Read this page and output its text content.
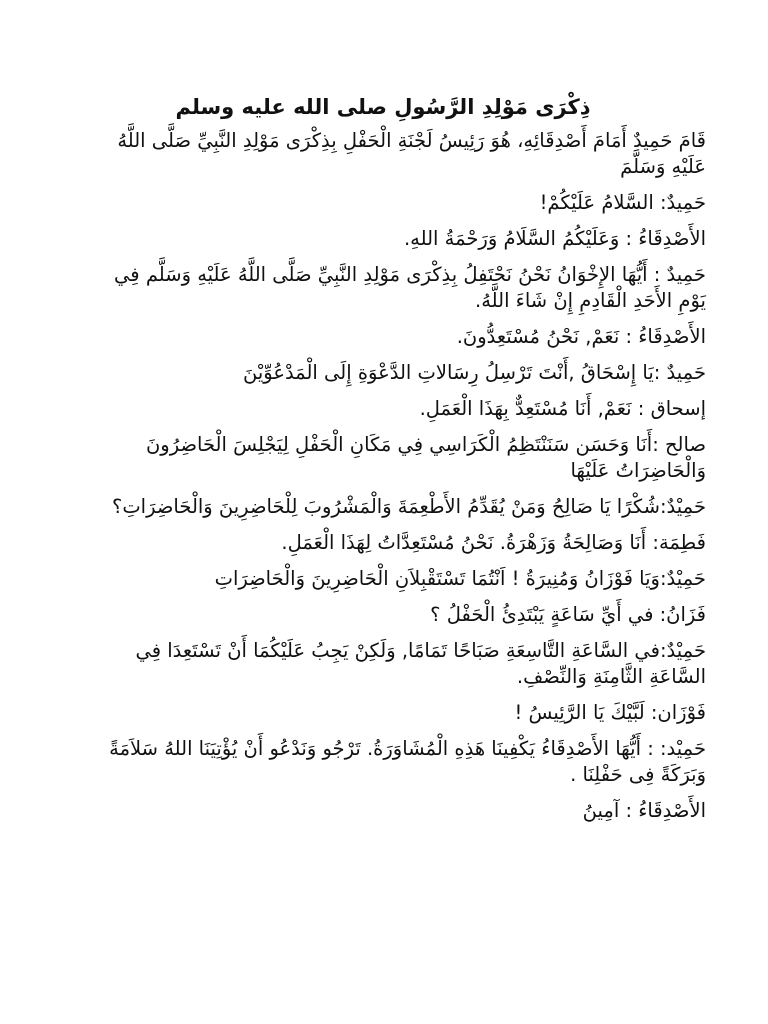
ذِكْرَى مَوْلِدِ الرَّسُولِ صلى الله عليه وسلم

قَامَ حَمِيدٌ أَمَامَ أَصْدِقَائِهِ، هُوَ رَئِيسُ لَجْنَةِ الْحَفْلِ بِذِكْرَى مَوْلِدِ النَّبِيِّ صَلَّى اللَّهُ عَلَيْهِ وَسَلَّمَ

حَمِيدٌ: السَّلامُ عَلَيْكُمْ!

الأَصْدِقَاءُ : وَعَلَيْكُمُ السَّلَامُ وَرَحْمَةُ اللهِ.

حَمِيدٌ : أَيُّهَا الإِخْوَانُ نَحْنُ نَحْتَفِلُ بِذِكْرَى مَوْلِدِ النَّبِيِّ صَلَّى اللَّهُ عَلَيْهِ وَسَلَّم فِي يَوْمِ الأَحَدِ الْقَادِمِ إِنْ شَاءَ اللَّهُ.

الأَصْدِقَاءُ : نَعَمْ, نَحْنُ مُسْتَعِدُّونَ.

حَمِيدٌ :يَا إِسْحَاقُ ,أَنْتَ تَرْسِلُ رِسَالاتِ الدَّعْوَةِ إِلَى الْمَدْعُوِّيْنَ

إسحاق : نَعَمْ, أَنَا مُسْتَعِدٌّ بِهَذَا الْعَمَلِ.

صالح :أَنَا وَحَسَن سَنَنْتَظِمُ الْكَرَاسِي فِي مَكَانِ الْحَفْلِ لِيَجْلِسَ الْحَاضِرُونَ وَالْحَاضِرَاتُ عَلَيْهَا

حَمِيْدٌ:شُكْرًا يَا صَالِحُ وَمَنْ يُقَدِّمُ الأَطْعِمَةَ وَالْمَشْرُوبَ لِلْحَاضِرِينَ وَالْحَاضِرَاتِ؟

فَطِمَة: أَنَا وَصَالِحَةُ وَزَهْرَةُ. نَحْنُ مُسْتَعِدَّاتُ لِهَذَا الْعَمَلِ.

حَمِيْدٌ:وَيَا فَوْزَانُ وَمُنِيرَةُ ! اَنْتُمَا تَسْتَقْبِلاَنِ الْحَاضِرِينَ وَالْحَاضِرَاتِ

فَزَانُ: في أَيِّ سَاعَةٍ يَبْتَدِئُ الْحَفْلُ ؟

حَمِيْدٌ:في السَّاعَةِ التَّاسِعَةِ صَبَاحًا تَمَامًا, وَلَكِنْ يَجِبُ عَلَيْكُمَا أَنْ تَسْتَعِدَا فِي السَّاعَةِ الثَّامِنَةِ وَالنِّصْفِ.

فَوْزَان: لَبَّيْكَ يَا الرَّئِيسُ !

حَمِيْد: : أَيُّهَا الأَصْدِقَاءُ يَكْفِينَا هَذِهِ الْمُشَاوَرَةُ. تَرْجُو وَنَدْعُو أَنْ يُؤْتِيَنَا اللهُ سَلاَمَةً وَبَرَكَةً فِى حَفْلِنَا .

الأَصْدِقَاءُ : آمِينُ
